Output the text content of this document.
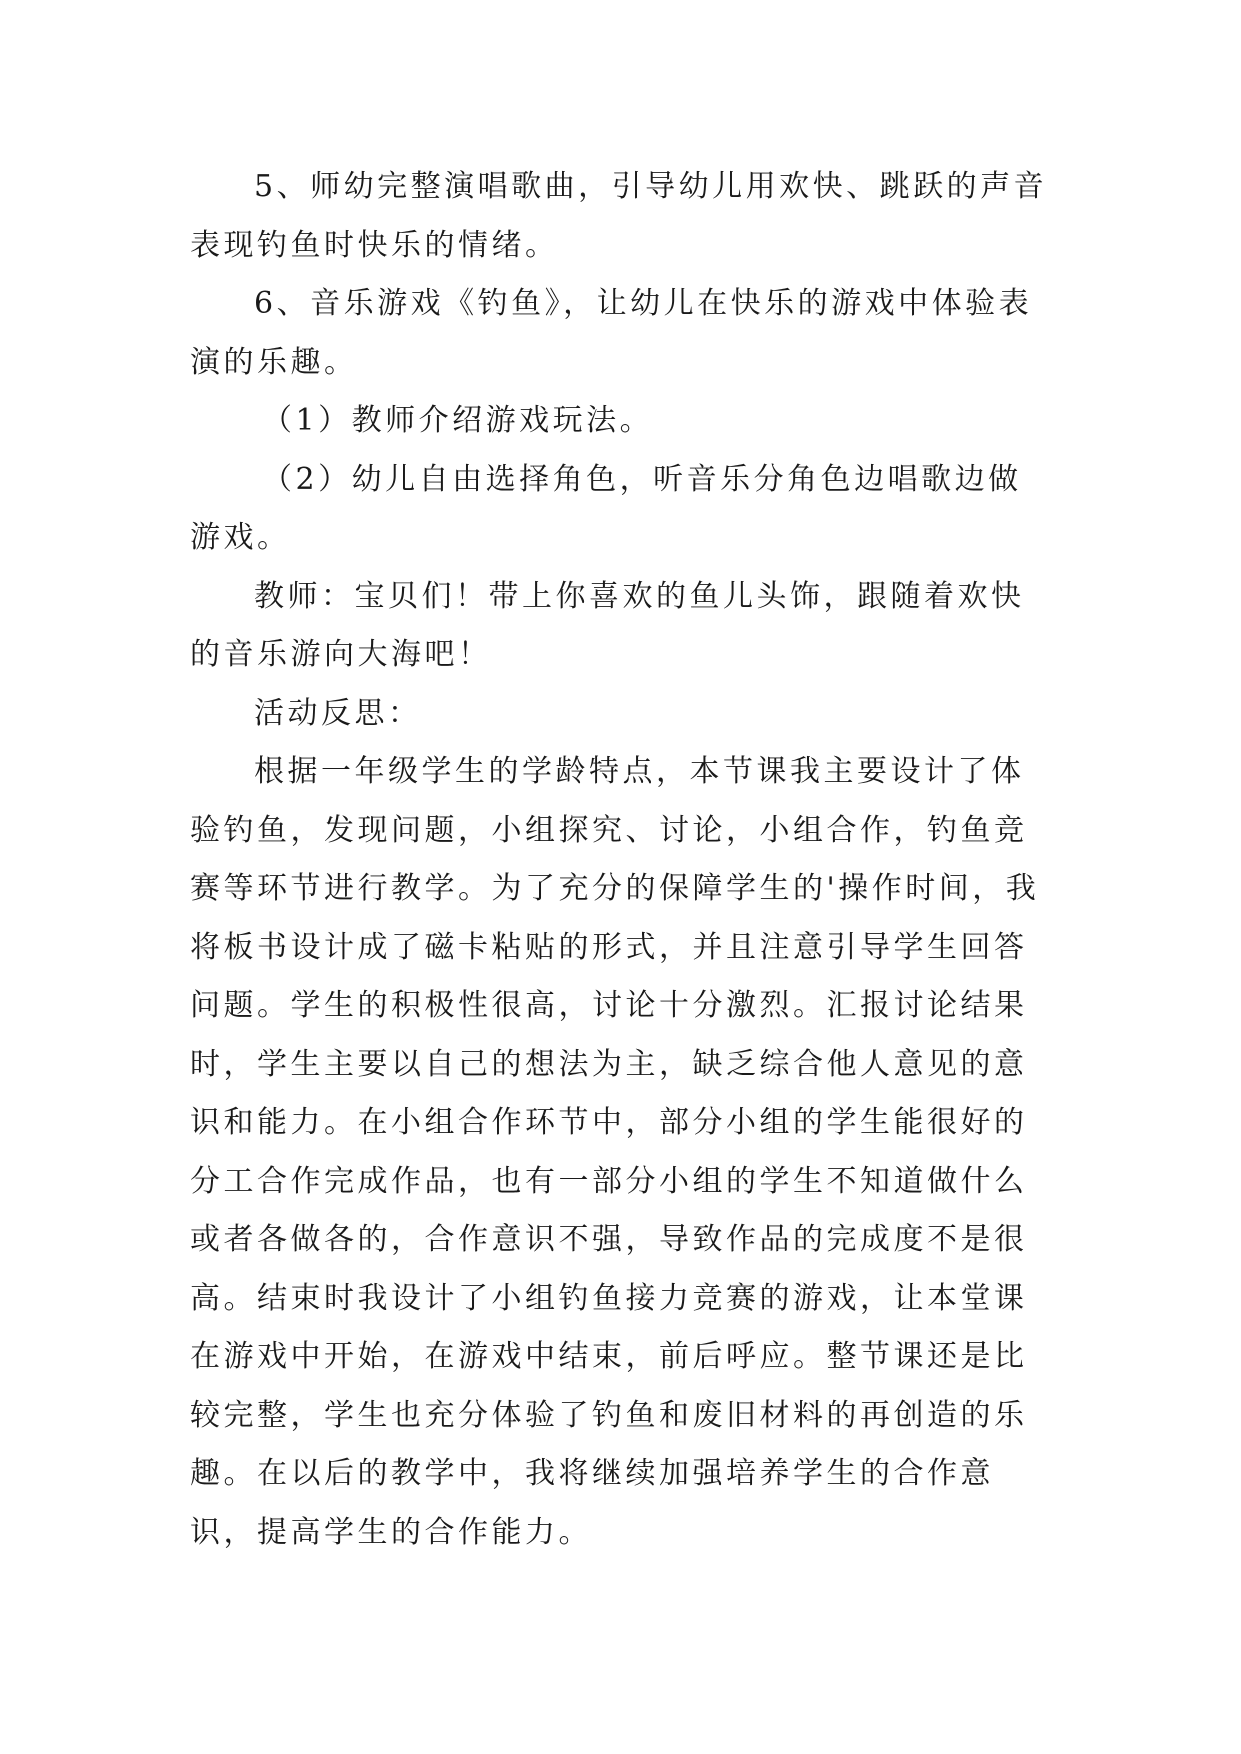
5、师幼完整演唱歌曲，引导幼儿用欢快、跳跃的声音表现钓鱼时快乐的情绪。

6、音乐游戏《钓鱼》，让幼儿在快乐的游戏中体验表演的乐趣。

（1）教师介绍游戏玩法。

（2）幼儿自由选择角色，听音乐分角色边唱歌边做游戏。

教师：宝贝们！带上你喜欢的鱼儿头饰，跟随着欢快的音乐游向大海吧！

活动反思：

根据一年级学生的学龄特点，本节课我主要设计了体验钓鱼，发现问题，小组探究、讨论，小组合作，钓鱼竞赛等环节进行教学。为了充分的保障学生的'操作时间，我将板书设计成了磁卡粘贴的形式，并且注意引导学生回答问题。学生的积极性很高，讨论十分激烈。汇报讨论结果时，学生主要以自己的想法为主，缺乏综合他人意见的意识和能力。在小组合作环节中，部分小组的学生能很好的分工合作完成作品，也有一部分小组的学生不知道做什么或者各做各的，合作意识不强，导致作品的完成度不是很高。结束时我设计了小组钓鱼接力竞赛的游戏，让本堂课在游戏中开始，在游戏中结束，前后呼应。整节课还是比较完整，学生也充分体验了钓鱼和废旧材料的再创造的乐趣。在以后的教学中，我将继续加强培养学生的合作意识，提高学生的合作能力。
